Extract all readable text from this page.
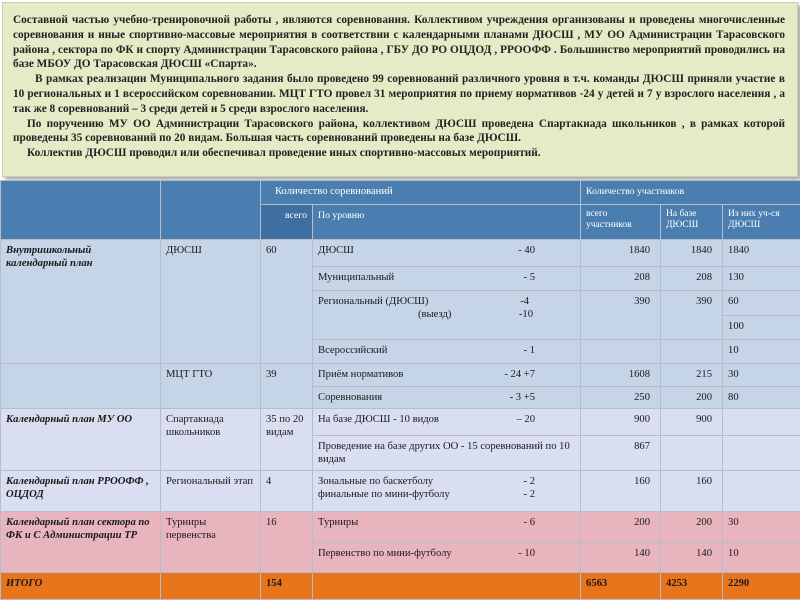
Составной частью учебно-тренировочной работы , являются соревнования. Коллективом учреждения организованы и проведены многочисленные соревнования и иные спортивно-массовые мероприятия в соответствии с календарными планами ДЮСШ , МУ ОО Администрации Тарасовского района , сектора по ФК и спорту Администрации Тарасовского района , ГБУ ДО РО ОЦДОД , РРООФФ . Большинство мероприятий проводились на базе МБОУ ДО Тарасовская ДЮСШ «Спарта».

В рамках реализации Муниципального задания было проведено 99 соревнований различного уровня в т.ч. команды ДЮСШ приняли участие в 10 региональных и 1 всероссийском соревновании. МЦТ ГТО провел 31 мероприятия по приему нормативов -24 у детей и 7 у взрослого населения , а так же 8 соревнований – 3 среди детей и 5 среди взрослого населения.

По поручению МУ ОО Администрации Тарасовского района, коллективом ДЮСШ проведена Спартакиада школьников , в рамках которой проведены 35 соревнований по 20 видам. Большая часть соревнований проведены на базе ДЮСШ.

Коллектив ДЮСШ проводил или обеспечивал проведение иных спортивно-массовых мероприятий.

		Количество соревнований		Количество участников		
		всего	По уровню	всего участников	На базе ДЮСШ	Из них уч-ся ДЮСШ
Внутришкольный календарный план	ДЮСШ	60	ДЮСШ - 40	1840	1840	1840

			Муниципальный - 5	208	208	130

			Региональный (ДЮСШ) -4
(выезд) -10	390	390	60
						100

			Всероссийский - 1			10
	МЦТ ГТО	39	Приём нормативов - 24 +7	1608	215	30

			Соревнования - 3 +5	250	200	80
Календарный план МУ ОО	Спартакиада школьников	35 по 20 видам	На базе ДЮСШ - 10 видов – 20	900	900	
			Проведение на базе других ОО - 15 соревнований по 10 видам	867		
Календарный план РРООФФ , ОЦДОД	Региональный этап	4	Зональные по баскетболу - 2
финальные по мини-футболу - 2	160	160	
Календарный план сектора по ФК и С Администрации ТР	Турниры первенства	16	Турниры - 6	200	200	30

			Первенство по мини-футболу - 10	140	140	10
ИТОГО		154		6563	4253	2290
